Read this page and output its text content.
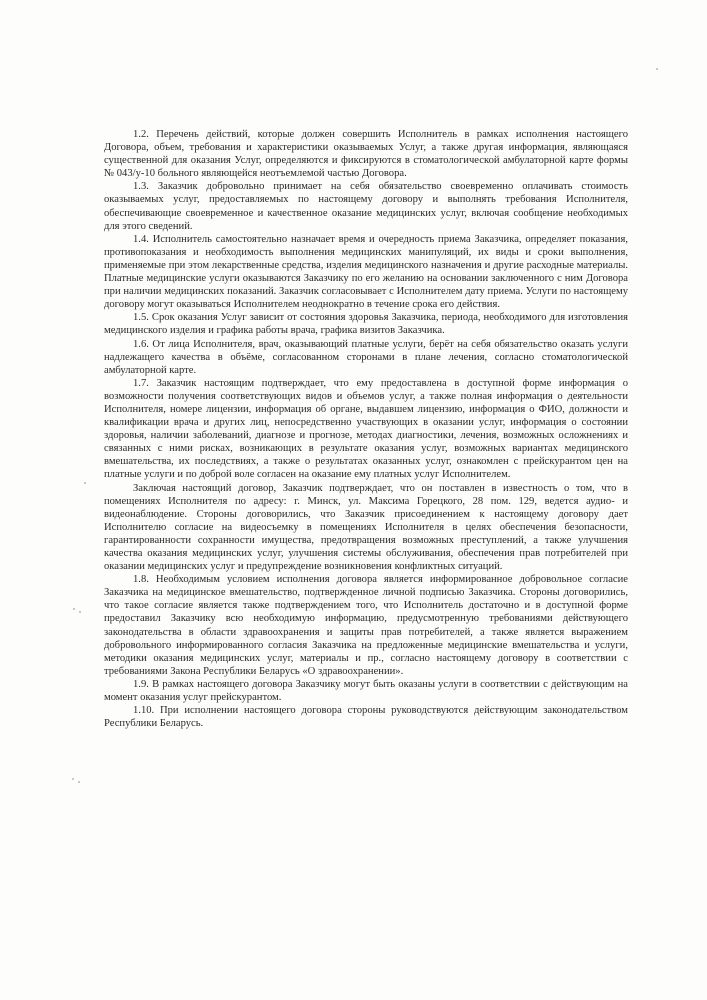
1.2. Перечень действий, которые должен совершить Исполнитель в рамках исполнения настоящего Договора, объем, требования и характеристики оказываемых Услуг, а также другая информация, являющаяся существенной для оказания Услуг, определяются и фиксируются в стоматологической амбулаторной карте формы № 043/у-10 больного являющейся неотъемлемой частью Договора.

1.3. Заказчик добровольно принимает на себя обязательство своевременно оплачивать стоимость оказываемых услуг, предоставляемых по настоящему договору и выполнять требования Исполнителя, обеспечивающие своевременное и качественное оказание медицинских услуг, включая сообщение необходимых для этого сведений.

1.4. Исполнитель самостоятельно назначает время и очередность приема Заказчика, определяет показания, противопоказания и необходимость выполнения медицинских манипуляций, их виды и сроки выполнения, применяемые при этом лекарственные средства, изделия медицинского назначения и другие расходные материалы. Платные медицинские услуги оказываются Заказчику по его желанию на основании заключенного с ним Договора при наличии медицинских показаний. Заказчик согласовывает с Исполнителем дату приема. Услуги по настоящему договору могут оказываться Исполнителем неоднократно в течение срока его действия.

1.5. Срок оказания Услуг зависит от состояния здоровья Заказчика, периода, необходимого для изготовления медицинского изделия и графика работы врача, графика визитов Заказчика.

1.6. От лица Исполнителя, врач, оказывающий платные услуги, берёт на себя обязательство оказать услуги надлежащего качества в объёме, согласованном сторонами в плане лечения, согласно стоматологической амбулаторной карте.

1.7. Заказчик настоящим подтверждает, что ему предоставлена в доступной форме информация о возможности получения соответствующих видов и объемов услуг, а также полная информация о деятельности Исполнителя, номере лицензии, информация об органе, выдавшем лицензию, информация о ФИО, должности и квалификации врача и других лиц, непосредственно участвующих в оказании услуг, информация о состоянии здоровья, наличии заболеваний, диагнозе и прогнозе, методах диагностики, лечения, возможных осложнениях и связанных с ними рисках, возникающих в результате оказания услуг, возможных вариантах медицинского вмешательства, их последствиях, а также о результатах оказанных услуг, ознакомлен с прейскурантом цен на платные услуги и по доброй воле согласен на оказание ему платных услуг Исполнителем.

Заключая настоящий договор, Заказчик подтверждает, что он поставлен в известность о том, что в помещениях Исполнителя по адресу: г. Минск, ул. Максима Горецкого, 28 пом. 129, ведется аудио- и видеонаблюдение. Стороны договорились, что Заказчик присоединением к настоящему договору дает Исполнителю согласие на видеосъемку в помещениях Исполнителя в целях обеспечения безопасности, гарантированности сохранности имущества, предотвращения возможных преступлений, а также улучшения качества оказания медицинских услуг, улучшения системы обслуживания, обеспечения прав потребителей при оказании медицинских услуг и предупреждение возникновения конфликтных ситуаций.

1.8. Необходимым условием исполнения договора является информированное добровольное согласие Заказчика на медицинское вмешательство, подтвержденное личной подписью Заказчика. Стороны договорились, что такое согласие является также подтверждением того, что Исполнитель достаточно и в доступной форме предоставил Заказчику всю необходимую информацию, предусмотренную требованиями действующего законодательства в области здравоохранения и защиты прав потребителей, а также является выражением добровольного информированного согласия Заказчика на предложенные медицинские вмешательства и услуги, методики оказания медицинских услуг, материалы и пр., согласно настоящему договору в соответствии с требованиями Закона Республики Беларусь «О здравоохранении».

1.9. В рамках настоящего договора Заказчику могут быть оказаны услуги в соответствии с действующим на момент оказания услуг прейскурантом.

1.10. При исполнении настоящего договора стороны руководствуются действующим законодательством Республики Беларусь.
